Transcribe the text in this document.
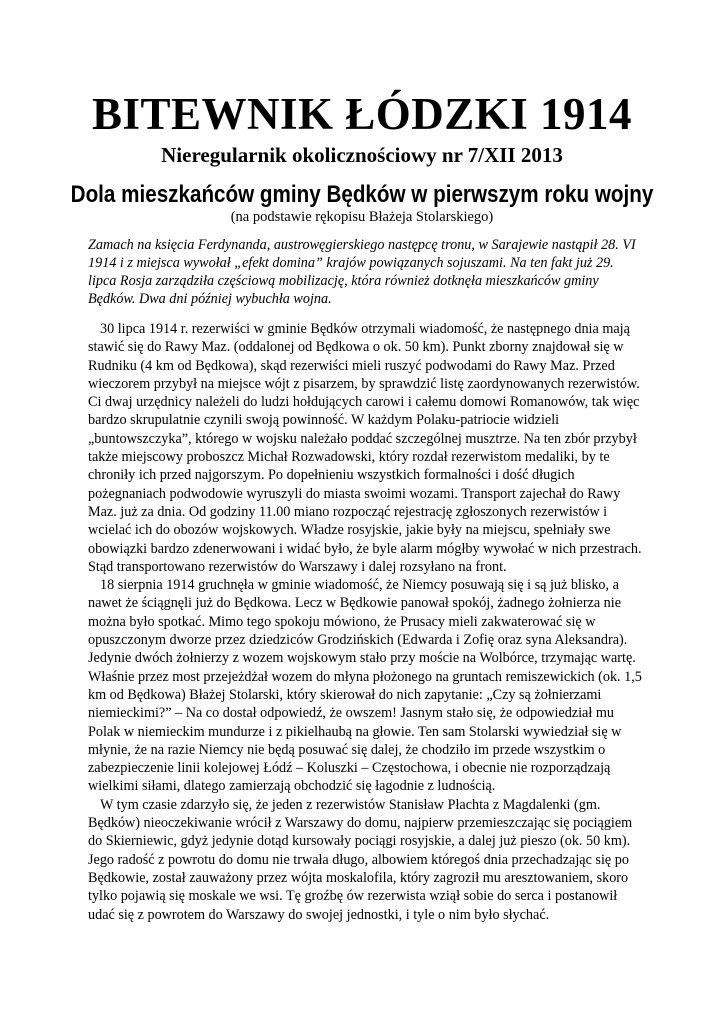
BITEWNIK ŁÓDZKI 1914
Nieregularnik okolicznościowy nr 7/XII 2013
Dola mieszkańców gminy Będków w pierwszym roku wojny
(na podstawie rękopisu Błażeja Stolarskiego)

Zamach na księcia Ferdynanda, austrowęgierskiego następcę tronu, w Sarajewie nastąpił 28. VI 1914 i z miejsca wywołał „efekt domina” krajów powiązanych sojuszami. Na ten fakt już 29. lipca Rosja zarządziła częściową mobilizację, która również dotknęła mieszkańców gminy Będków. Dwa dni później wybuchła wojna.

30 lipca 1914 r. rezerwiści w gminie Będków otrzymali wiadomość, że następnego dnia mają stawić się do Rawy Maz. (oddalonej od Będkowa o ok. 50 km). Punkt zborny znajdował się w Rudniku (4 km od Będkowa), skąd rezerwiści mieli ruszyć podwodami do Rawy Maz. Przed wieczorem przybył na miejsce wójt z pisarzem, by sprawdzić listę zaordynowanych rezerwistów. Ci dwaj urzędnicy należeli do ludzi hołdujących carowi i całemu domowi Romanowów, tak więc bardzo skrupulatnie czynili swoją powinność. W każdym Polaku-patriocie widzieli „buntowszczyka”, którego w wojsku należało poddać szczególnej musztrze. Na ten zbór przybył także miejscowy proboszcz Michał Rozwadowski, który rozdał rezerwistom medaliki, by te chroniły ich przed najgorszym. Po dopełnieniu wszystkich formalności i dość długich pożegnaniach podwodowie wyruszyli do miasta swoimi wozami. Transport zajechał do Rawy Maz. już za dnia. Od godziny 11.00 miano rozpocząć rejestrację zgłoszonych rezerwistów i wcielać ich do obozów wojskowych. Władze rosyjskie, jakie były na miejscu, spełniały swe obowiązki bardzo zdenerwowani i widać było, że byle alarm mógłby wywołać w nich przestrach. Stąd transportowano rezerwistów do Warszawy i dalej rozsyłano na front.

18 sierpnia 1914 gruchnęła w gminie wiadomość, że Niemcy posuwają się i są już blisko, a nawet że ściągnęli już do Będkowa. Lecz w Będkowie panował spokój, żadnego żołnierza nie można było spotkać. Mimo tego spokoju mówiono, że Prusacy mieli zakwaterować się w opuszczonym dworze przez dziedziców Grodzińskich (Edwarda i Zofię oraz syna Aleksandra). Jedynie dwóch żołnierzy z wozem wojskowym stało przy moście na Wolbórce, trzymając wartę. Właśnie przez most przejeżdżał wozem do młyna płożonego na gruntach remiszewickich (ok. 1,5 km od Będkowa) Błażej Stolarski, który skierował do nich zapytanie: „Czy są żołnierzami niemieckimi?” – Na co dostał odpowiedź, że owszem! Jasnym stało się, że odpowiedział mu Polak w niemieckim mundurze i z pikielhaubą na głowie. Ten sam Stolarski wywiedział się w młynie, że na razie Niemcy nie będą posuwać się dalej, że chodziło im przede wszystkim o zabezpieczenie linii kolejowej Łódź – Koluszki – Częstochowa, i obecnie nie rozporządzają wielkimi siłami, dlatego zamierzają obchodzić się łagodnie z ludnością.

W tym czasie zdarzyło się, że jeden z rezerwistów Stanisław Płachta z Magdalenki (gm. Będków) nieoczekiwanie wrócił z Warszawy do domu, najpierw przemieszczając się pociągiem do Skierniewic, gdyż jedynie dotąd kursowały pociągi rosyjskie, a dalej już pieszo (ok. 50 km). Jego radość z powrotu do domu nie trwała długo, albowiem któregoś dnia przechadzając się po Będkowie, został zauważony przez wójta moskalofila, który zagroził mu aresztowaniem, skoro tylko pojawią się moskale we wsi. Tę groźbę ów rezerwista wziął sobie do serca i postanowił udać się z powrotem do Warszawy do swojej jednostki, i tyle o nim było słychać.
